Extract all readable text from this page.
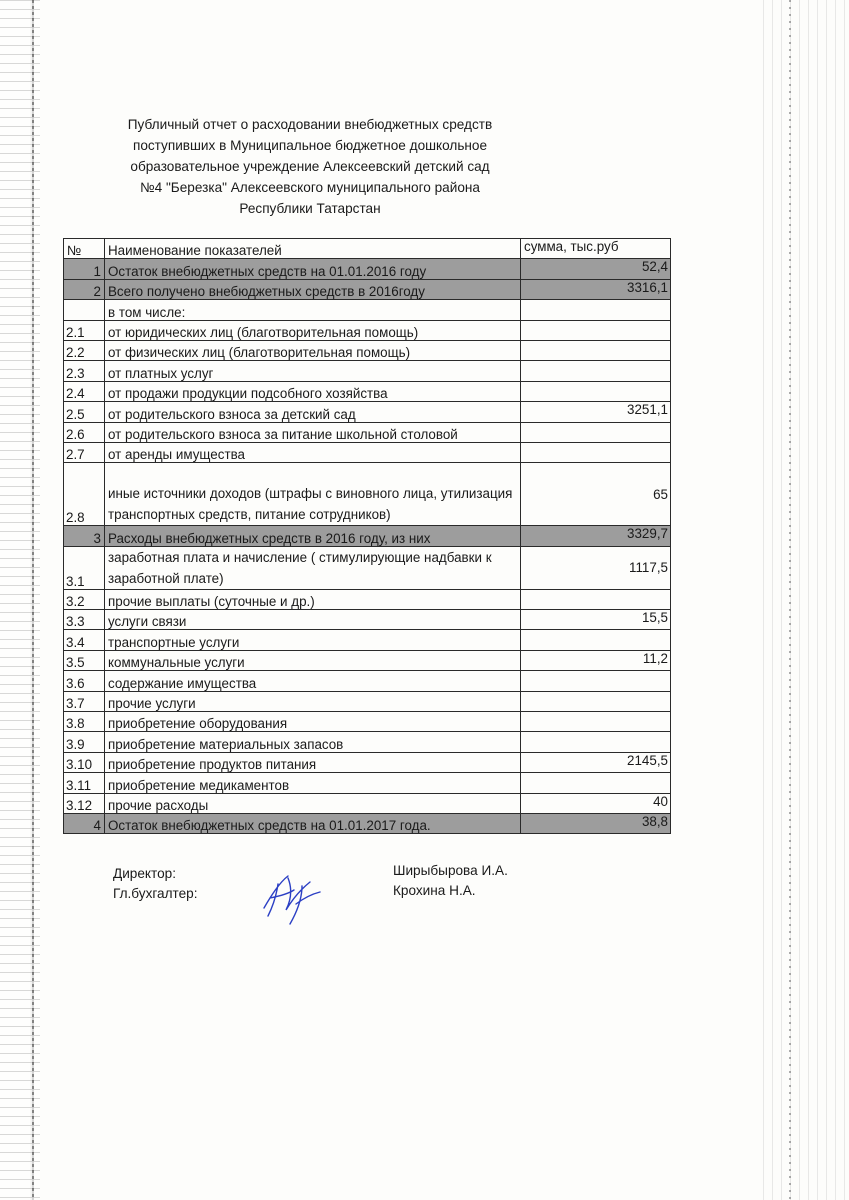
Публичный отчет о расходовании внебюджетных средств
поступивших в Муниципальное бюджетное дошкольное
образовательное учреждение Алексеевский детский сад
№4 "Березка" Алексеевского муниципального района
Республики Татарстан
№	Наименование показателей	сумма, тыс.руб
1	Остаток внебюджетных средств на 01.01.2016 году	52,4
2	Всего получено внебюджетных средств в 2016году	3316,1
	в том числе:	
2.1	от юридических лиц (благотворительная помощь)	
2.2	от физических лиц (благотворительная помощь)	
2.3	от платных услуг	
2.4	от продажи продукции подсобного хозяйства	
2.5	от родительского взноса за детский сад	3251,1
2.6	от родительского взноса за питание школьной столовой	
2.7	от аренды имущества	
2.8	иные источники доходов (штрафы с виновного лица, утилизация транспортных средств, питание сотрудников)	65
3	Расходы внебюджетных средств в 2016 году, из них	3329,7
3.1	заработная плата и начисление ( стимулирующие надбавки к заработной плате)	1117,5
3.2	прочие выплаты (суточные и др.)	
3.3	услуги связи	15,5
3.4	транспортные услуги	
3.5	коммунальные услуги	11,2
3.6	содержание имущества	
3.7	прочие услуги	
3.8	приобретение оборудования	
3.9	приобретение материальных запасов	
3.10	приобретение продуктов питания	2145,5
3.11	приобретение медикаментов	
3.12	прочие расходы	40
4	Остаток внебюджетных средств на 01.01.2017 года.	38,8
Директор:
Гл.бухгалтер:
Ширыбырова И.А.
Крохина Н.А.
